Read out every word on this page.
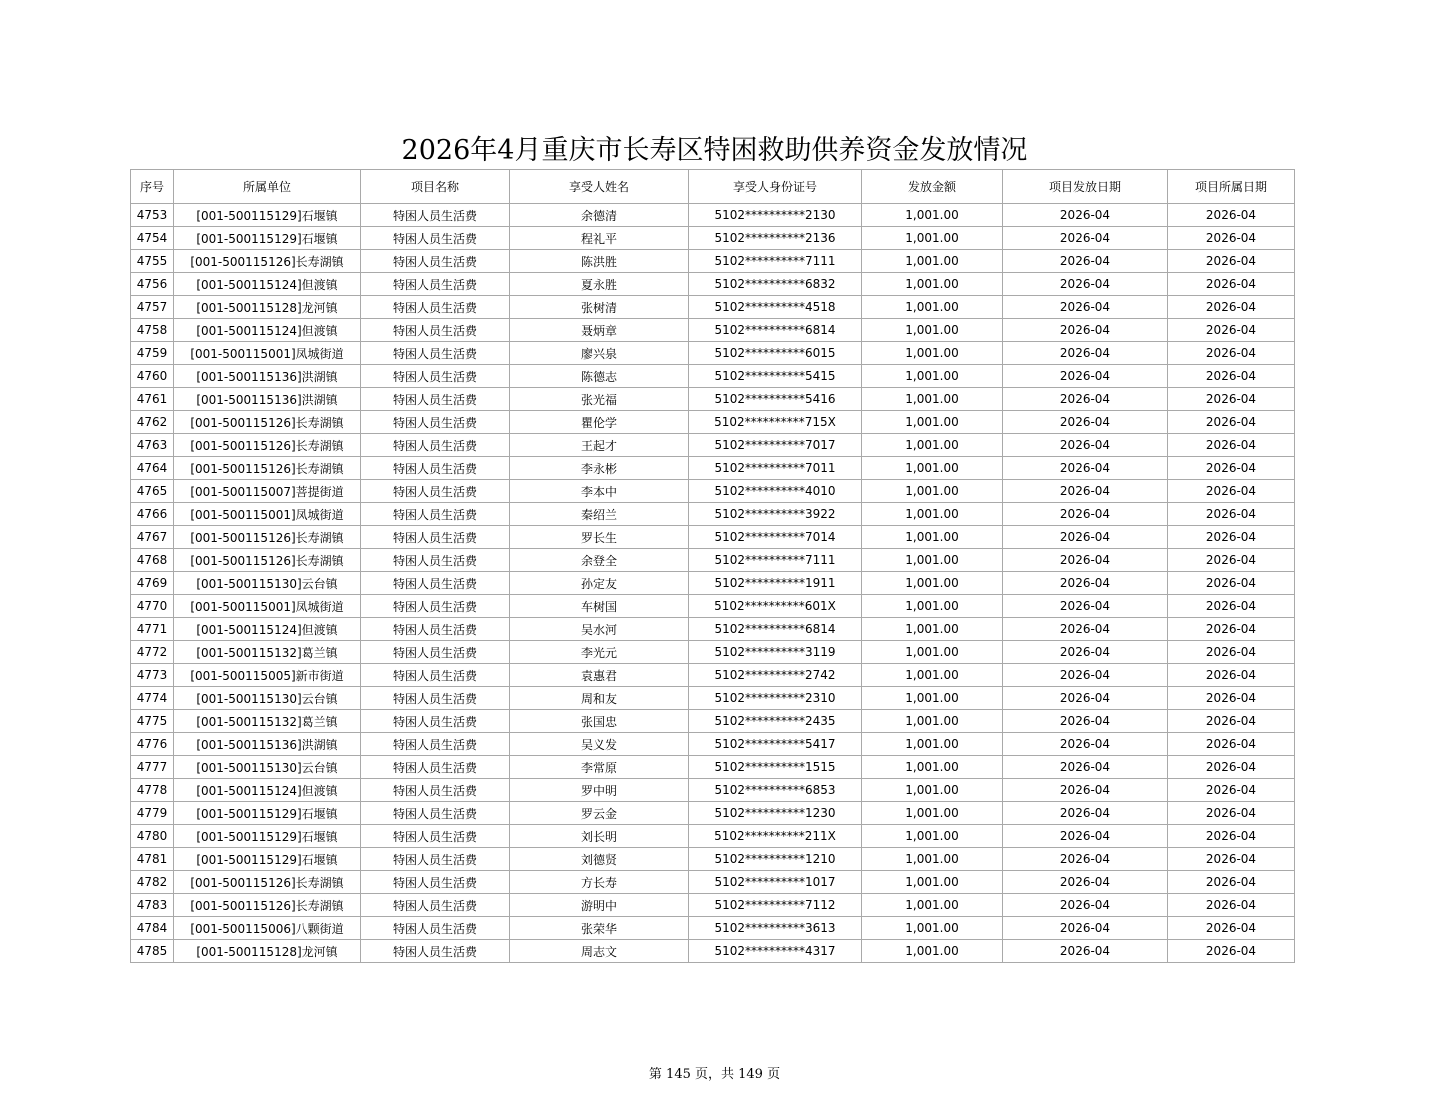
2026年4月重庆市长寿区特困救助供养资金发放情况
序号	所属单位	项目名称	享受人姓名	享受人身份证号	发放金额	项目发放日期	项目所属日期
4753	[001-500115129]石堰镇	特困人员生活费	余德清	5102**********2130	1,001.00	2026-04	2026-04
4754	[001-500115129]石堰镇	特困人员生活费	程礼平	5102**********2136	1,001.00	2026-04	2026-04
4755	[001-500115126]长寿湖镇	特困人员生活费	陈洪胜	5102**********7111	1,001.00	2026-04	2026-04
4756	[001-500115124]但渡镇	特困人员生活费	夏永胜	5102**********6832	1,001.00	2026-04	2026-04
4757	[001-500115128]龙河镇	特困人员生活费	张树清	5102**********4518	1,001.00	2026-04	2026-04
4758	[001-500115124]但渡镇	特困人员生活费	聂炳章	5102**********6814	1,001.00	2026-04	2026-04
4759	[001-500115001]凤城街道	特困人员生活费	廖兴泉	5102**********6015	1,001.00	2026-04	2026-04
4760	[001-500115136]洪湖镇	特困人员生活费	陈德志	5102**********5415	1,001.00	2026-04	2026-04
4761	[001-500115136]洪湖镇	特困人员生活费	张光福	5102**********5416	1,001.00	2026-04	2026-04
4762	[001-500115126]长寿湖镇	特困人员生活费	瞿伦学	5102**********715X	1,001.00	2026-04	2026-04
4763	[001-500115126]长寿湖镇	特困人员生活费	王起才	5102**********7017	1,001.00	2026-04	2026-04
4764	[001-500115126]长寿湖镇	特困人员生活费	李永彬	5102**********7011	1,001.00	2026-04	2026-04
4765	[001-500115007]菩提街道	特困人员生活费	李本中	5102**********4010	1,001.00	2026-04	2026-04
4766	[001-500115001]凤城街道	特困人员生活费	秦绍兰	5102**********3922	1,001.00	2026-04	2026-04
4767	[001-500115126]长寿湖镇	特困人员生活费	罗长生	5102**********7014	1,001.00	2026-04	2026-04
4768	[001-500115126]长寿湖镇	特困人员生活费	余登全	5102**********7111	1,001.00	2026-04	2026-04
4769	[001-500115130]云台镇	特困人员生活费	孙定友	5102**********1911	1,001.00	2026-04	2026-04
4770	[001-500115001]凤城街道	特困人员生活费	车树国	5102**********601X	1,001.00	2026-04	2026-04
4771	[001-500115124]但渡镇	特困人员生活费	吴水河	5102**********6814	1,001.00	2026-04	2026-04
4772	[001-500115132]葛兰镇	特困人员生活费	李光元	5102**********3119	1,001.00	2026-04	2026-04
4773	[001-500115005]新市街道	特困人员生活费	袁惠君	5102**********2742	1,001.00	2026-04	2026-04
4774	[001-500115130]云台镇	特困人员生活费	周和友	5102**********2310	1,001.00	2026-04	2026-04
4775	[001-500115132]葛兰镇	特困人员生活费	张国忠	5102**********2435	1,001.00	2026-04	2026-04
4776	[001-500115136]洪湖镇	特困人员生活费	吴义发	5102**********5417	1,001.00	2026-04	2026-04
4777	[001-500115130]云台镇	特困人员生活费	李常原	5102**********1515	1,001.00	2026-04	2026-04
4778	[001-500115124]但渡镇	特困人员生活费	罗中明	5102**********6853	1,001.00	2026-04	2026-04
4779	[001-500115129]石堰镇	特困人员生活费	罗云金	5102**********1230	1,001.00	2026-04	2026-04
4780	[001-500115129]石堰镇	特困人员生活费	刘长明	5102**********211X	1,001.00	2026-04	2026-04
4781	[001-500115129]石堰镇	特困人员生活费	刘德贤	5102**********1210	1,001.00	2026-04	2026-04
4782	[001-500115126]长寿湖镇	特困人员生活费	方长寿	5102**********1017	1,001.00	2026-04	2026-04
4783	[001-500115126]长寿湖镇	特困人员生活费	游明中	5102**********7112	1,001.00	2026-04	2026-04
4784	[001-500115006]八颗街道	特困人员生活费	张荣华	5102**********3613	1,001.00	2026-04	2026-04
4785	[001-500115128]龙河镇	特困人员生活费	周志文	5102**********4317	1,001.00	2026-04	2026-04
第 145 页，共 149 页
